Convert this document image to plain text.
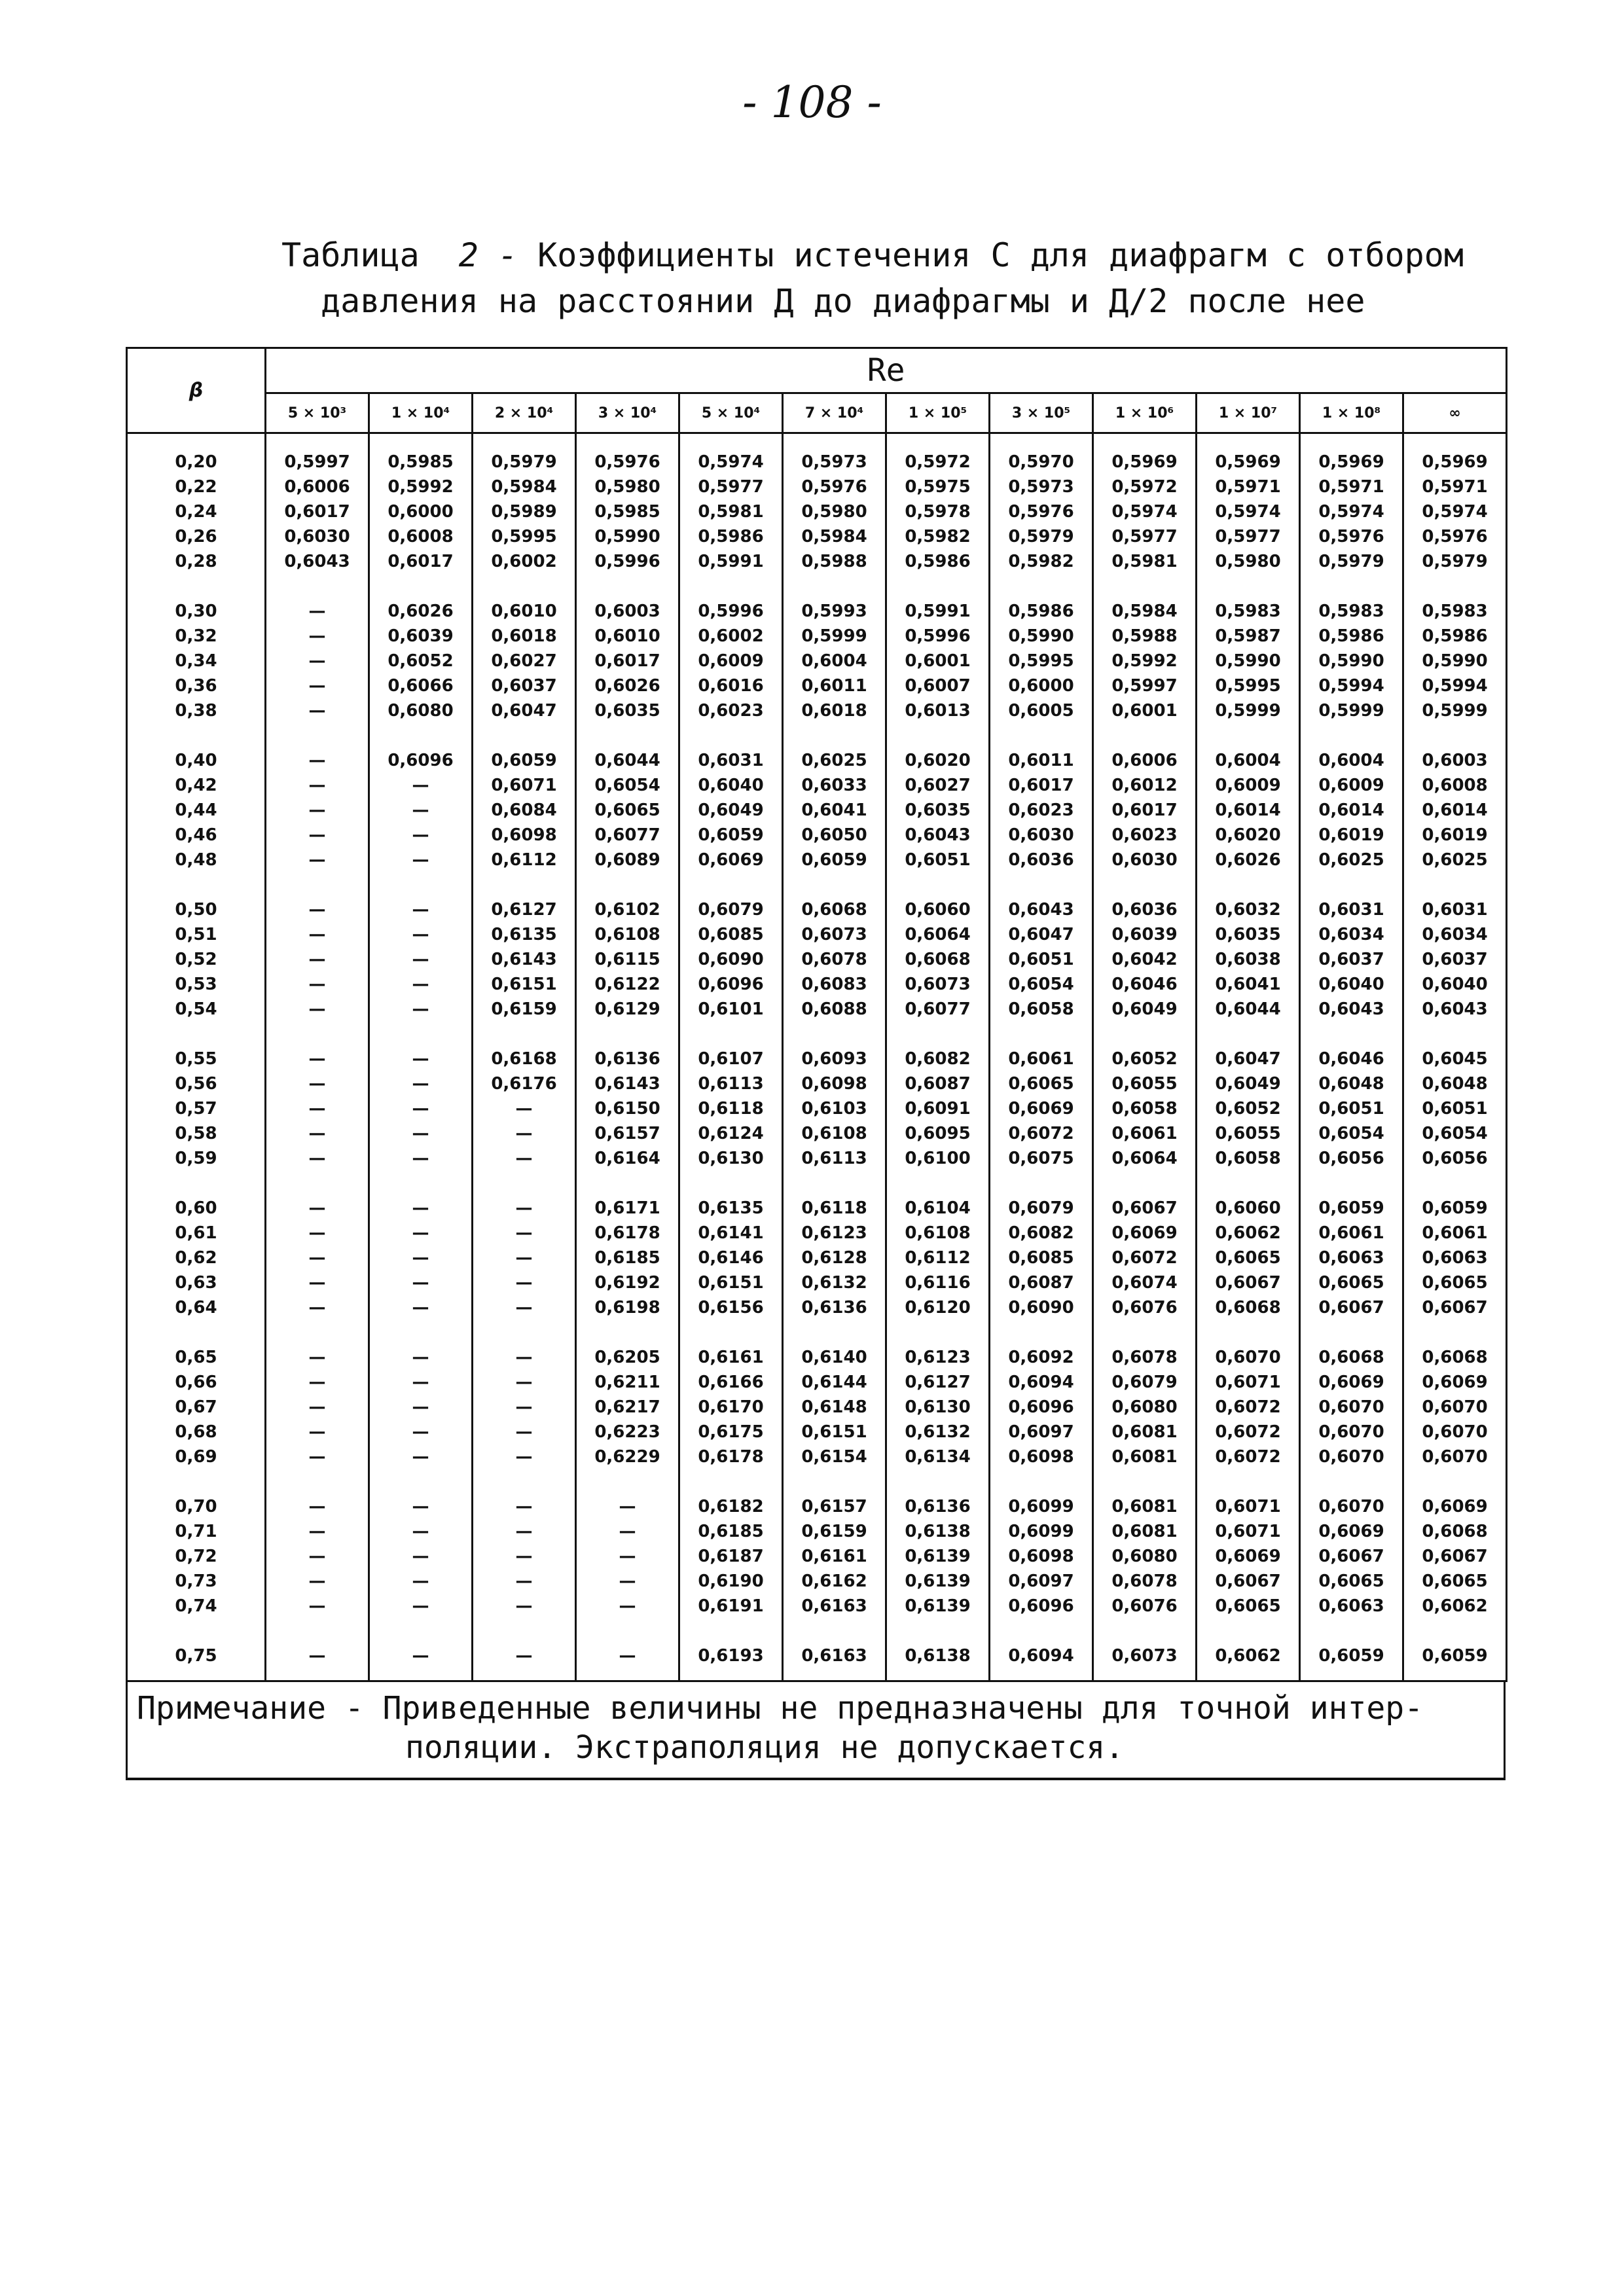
- 108 -
Таблица 2 - Коэффициенты истечения С для диафрагм с отбором
давления на расстоянии Д до диафрагмы и Д/2 после нее
β	Re											
	5 × 10³	1 × 10⁴	2 × 10⁴	3 × 10⁴	5 × 10⁴	7 × 10⁴	1 × 10⁵	3 × 10⁵	1 × 10⁶	1 × 10⁷	1 × 10⁸	∞
0,20	0,5997	0,5985	0,5979	0,5976	0,5974	0,5973	0,5972	0,5970	0,5969	0,5969	0,5969	0,5969
0,22	0,6006	0,5992	0,5984	0,5980	0,5977	0,5976	0,5975	0,5973	0,5972	0,5971	0,5971	0,5971
0,24	0,6017	0,6000	0,5989	0,5985	0,5981	0,5980	0,5978	0,5976	0,5974	0,5974	0,5974	0,5974
0,26	0,6030	0,6008	0,5995	0,5990	0,5986	0,5984	0,5982	0,5979	0,5977	0,5977	0,5976	0,5976
0,28	0,6043	0,6017	0,6002	0,5996	0,5991	0,5988	0,5986	0,5982	0,5981	0,5980	0,5979	0,5979
0,30	—	0,6026	0,6010	0,6003	0,5996	0,5993	0,5991	0,5986	0,5984	0,5983	0,5983	0,5983
0,32	—	0,6039	0,6018	0,6010	0,6002	0,5999	0,5996	0,5990	0,5988	0,5987	0,5986	0,5986
0,34	—	0,6052	0,6027	0,6017	0,6009	0,6004	0,6001	0,5995	0,5992	0,5990	0,5990	0,5990
0,36	—	0,6066	0,6037	0,6026	0,6016	0,6011	0,6007	0,6000	0,5997	0,5995	0,5994	0,5994
0,38	—	0,6080	0,6047	0,6035	0,6023	0,6018	0,6013	0,6005	0,6001	0,5999	0,5999	0,5999
0,40	—	0,6096	0,6059	0,6044	0,6031	0,6025	0,6020	0,6011	0,6006	0,6004	0,6004	0,6003
0,42	—	—	0,6071	0,6054	0,6040	0,6033	0,6027	0,6017	0,6012	0,6009	0,6009	0,6008
0,44	—	—	0,6084	0,6065	0,6049	0,6041	0,6035	0,6023	0,6017	0,6014	0,6014	0,6014
0,46	—	—	0,6098	0,6077	0,6059	0,6050	0,6043	0,6030	0,6023	0,6020	0,6019	0,6019
0,48	—	—	0,6112	0,6089	0,6069	0,6059	0,6051	0,6036	0,6030	0,6026	0,6025	0,6025
0,50	—	—	0,6127	0,6102	0,6079	0,6068	0,6060	0,6043	0,6036	0,6032	0,6031	0,6031
0,51	—	—	0,6135	0,6108	0,6085	0,6073	0,6064	0,6047	0,6039	0,6035	0,6034	0,6034
0,52	—	—	0,6143	0,6115	0,6090	0,6078	0,6068	0,6051	0,6042	0,6038	0,6037	0,6037
0,53	—	—	0,6151	0,6122	0,6096	0,6083	0,6073	0,6054	0,6046	0,6041	0,6040	0,6040
0,54	—	—	0,6159	0,6129	0,6101	0,6088	0,6077	0,6058	0,6049	0,6044	0,6043	0,6043
0,55	—	—	0,6168	0,6136	0,6107	0,6093	0,6082	0,6061	0,6052	0,6047	0,6046	0,6045
0,56	—	—	0,6176	0,6143	0,6113	0,6098	0,6087	0,6065	0,6055	0,6049	0,6048	0,6048
0,57	—	—	—	0,6150	0,6118	0,6103	0,6091	0,6069	0,6058	0,6052	0,6051	0,6051
0,58	—	—	—	0,6157	0,6124	0,6108	0,6095	0,6072	0,6061	0,6055	0,6054	0,6054
0,59	—	—	—	0,6164	0,6130	0,6113	0,6100	0,6075	0,6064	0,6058	0,6056	0,6056
0,60	—	—	—	0,6171	0,6135	0,6118	0,6104	0,6079	0,6067	0,6060	0,6059	0,6059
0,61	—	—	—	0,6178	0,6141	0,6123	0,6108	0,6082	0,6069	0,6062	0,6061	0,6061
0,62	—	—	—	0,6185	0,6146	0,6128	0,6112	0,6085	0,6072	0,6065	0,6063	0,6063
0,63	—	—	—	0,6192	0,6151	0,6132	0,6116	0,6087	0,6074	0,6067	0,6065	0,6065
0,64	—	—	—	0,6198	0,6156	0,6136	0,6120	0,6090	0,6076	0,6068	0,6067	0,6067
0,65	—	—	—	0,6205	0,6161	0,6140	0,6123	0,6092	0,6078	0,6070	0,6068	0,6068
0,66	—	—	—	0,6211	0,6166	0,6144	0,6127	0,6094	0,6079	0,6071	0,6069	0,6069
0,67	—	—	—	0,6217	0,6170	0,6148	0,6130	0,6096	0,6080	0,6072	0,6070	0,6070
0,68	—	—	—	0,6223	0,6175	0,6151	0,6132	0,6097	0,6081	0,6072	0,6070	0,6070
0,69	—	—	—	0,6229	0,6178	0,6154	0,6134	0,6098	0,6081	0,6072	0,6070	0,6070
0,70	—	—	—	—	0,6182	0,6157	0,6136	0,6099	0,6081	0,6071	0,6070	0,6069
0,71	—	—	—	—	0,6185	0,6159	0,6138	0,6099	0,6081	0,6071	0,6069	0,6068
0,72	—	—	—	—	0,6187	0,6161	0,6139	0,6098	0,6080	0,6069	0,6067	0,6067
0,73	—	—	—	—	0,6190	0,6162	0,6139	0,6097	0,6078	0,6067	0,6065	0,6065
0,74	—	—	—	—	0,6191	0,6163	0,6139	0,6096	0,6076	0,6065	0,6063	0,6062
0,75	—	—	—	—	0,6193	0,6163	0,6138	0,6094	0,6073	0,6062	0,6059	0,6059
Примечание - Приведенные величины не предназначены для точной интер-
поляции. Экстраполяция не допускается.
